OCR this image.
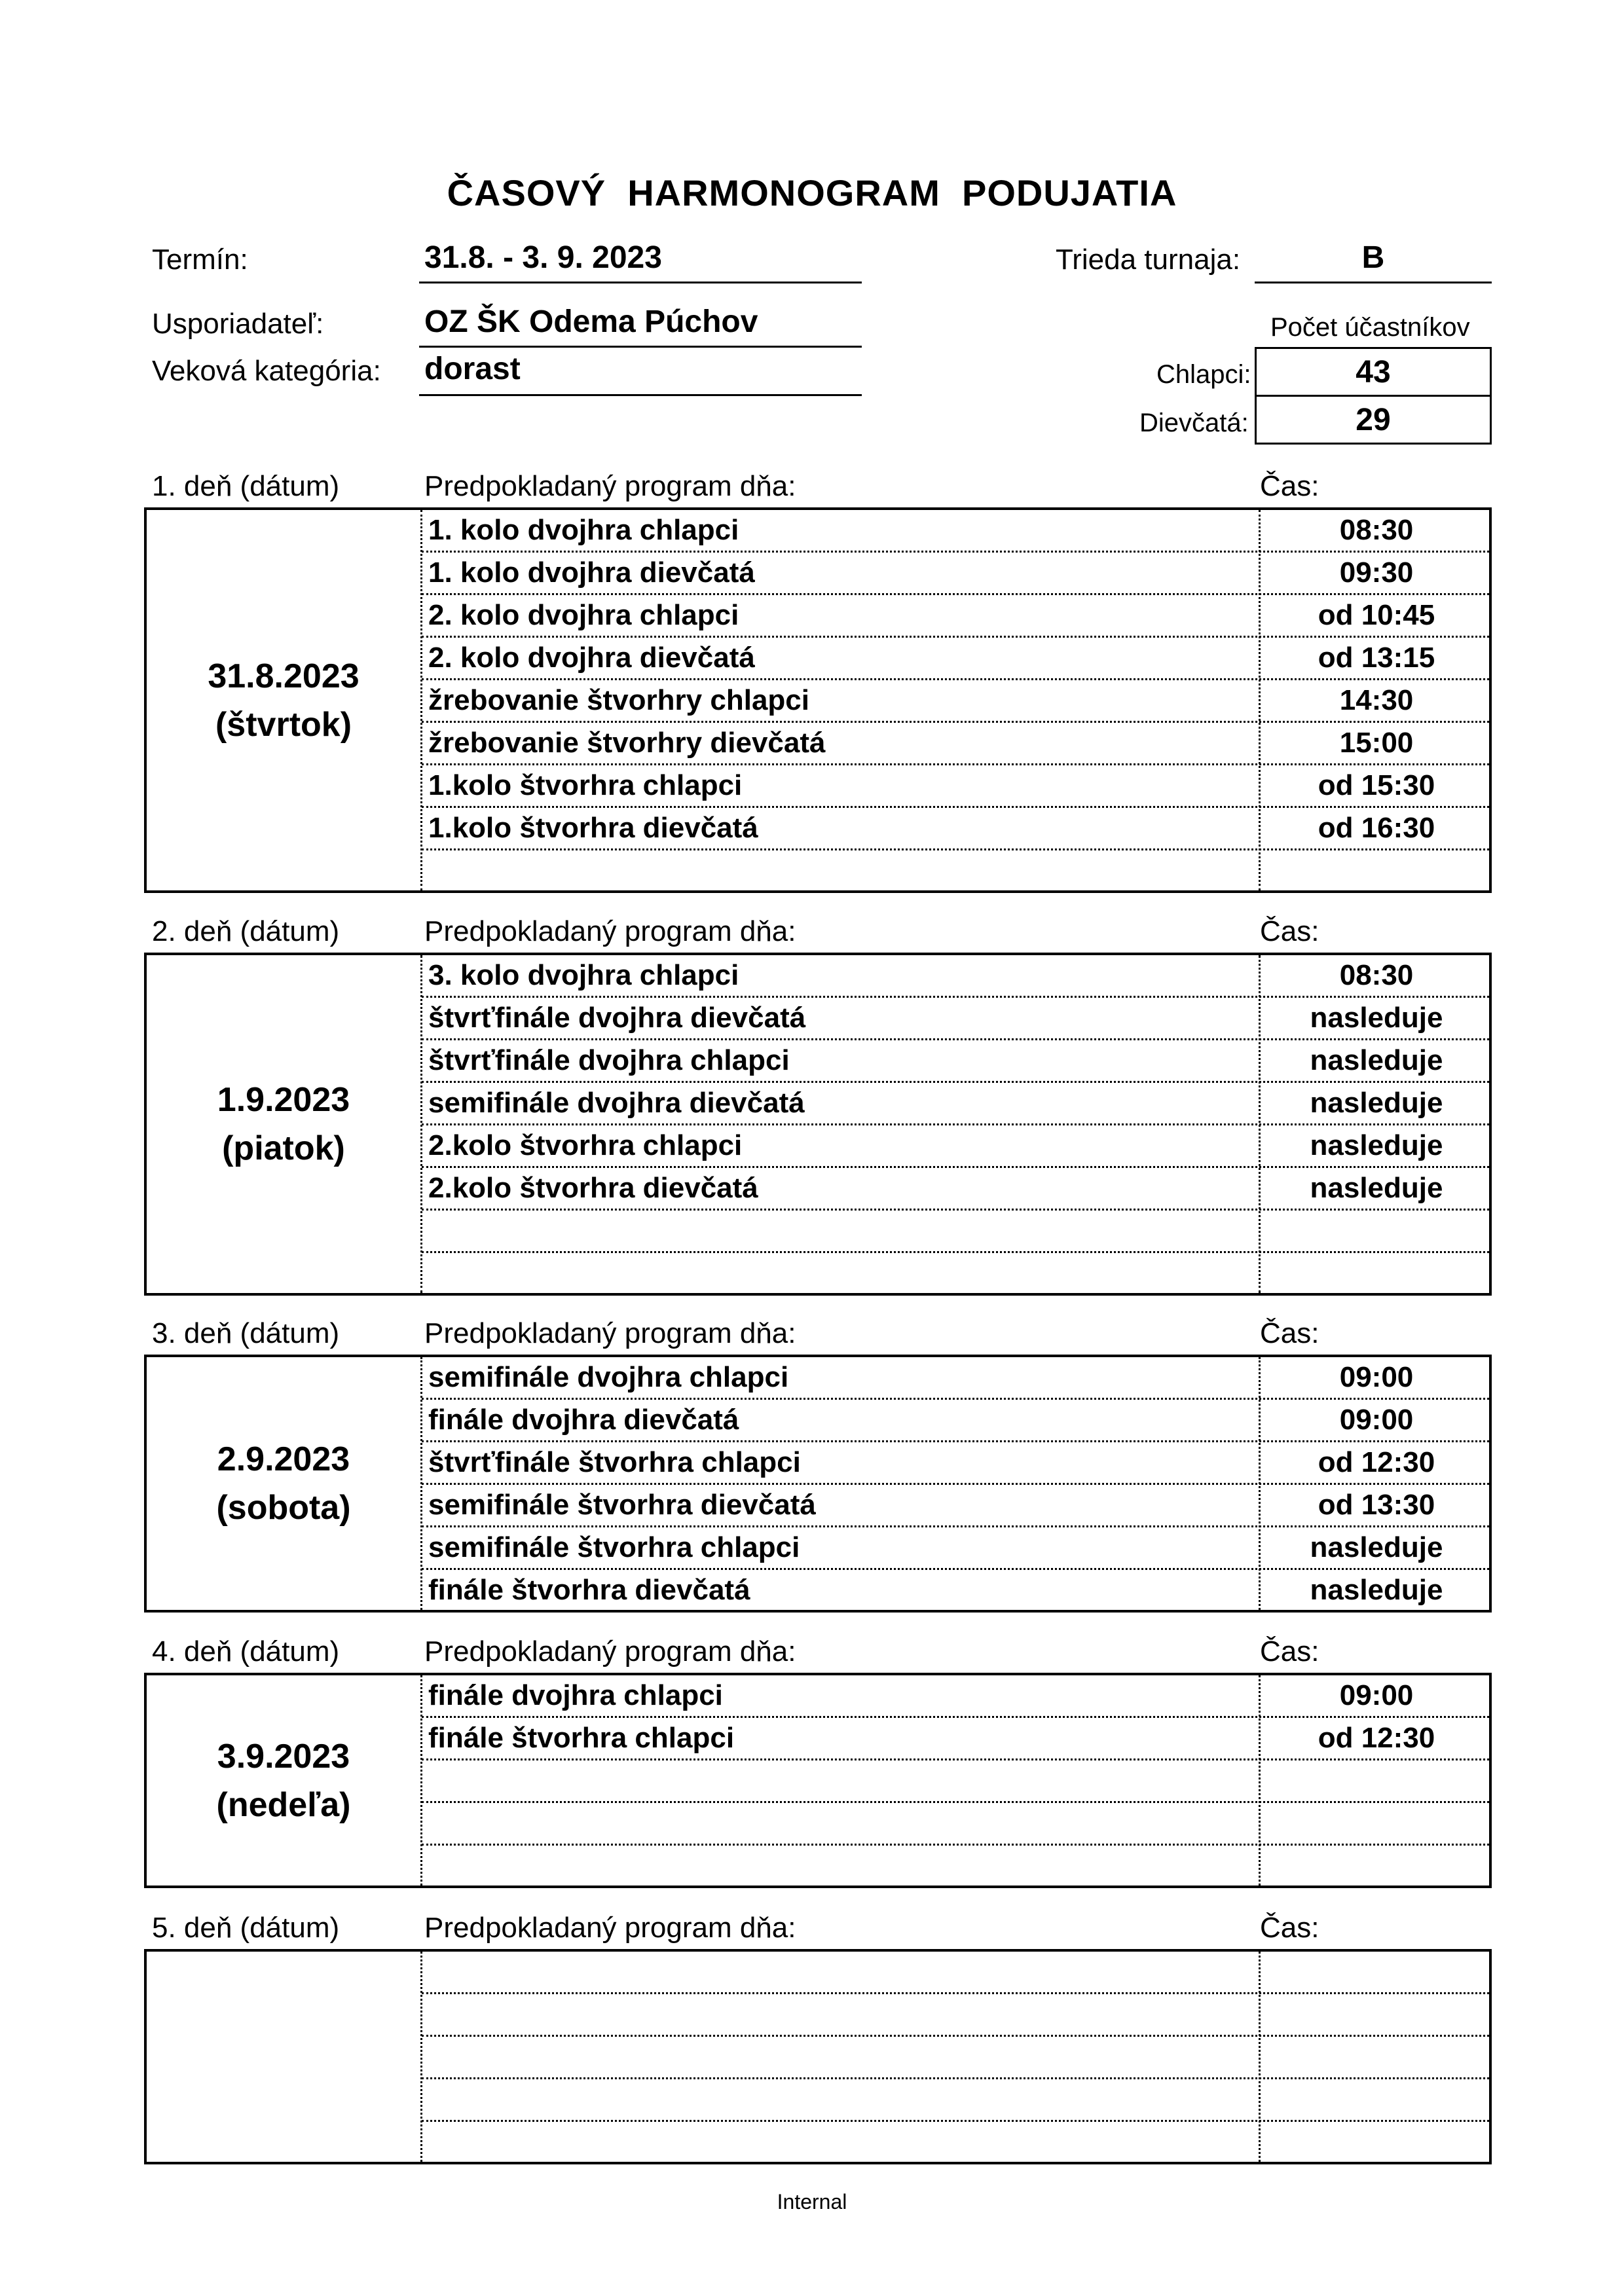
ČASOVÝ  HARMONOGRAM  PODUJATIA
Termín:	31.8. - 3. 9. 2023	Trieda turnaja:	B
Usporiadateľ:	OZ ŠK Odema Púchov	Počet účastníkov
Veková kategória: dorast	Chlapci:	43
Dievčatá:	29
1. deň (dátum)	Predpokladaný program dňa:	Čas:
31.8.2023
(štvrtok)
1. kolo dvojhra chlapci	08:30
1. kolo dvojhra dievčatá	09:30
2. kolo dvojhra chlapci	od 10:45
2. kolo dvojhra dievčatá	od 13:15
žrebovanie štvorhry chlapci	14:30
žrebovanie štvorhry dievčatá	15:00
1.kolo štvorhra chlapci	od 15:30
1.kolo štvorhra dievčatá	od 16:30
2. deň (dátum)	Predpokladaný program dňa:	Čas:
1.9.2023
(piatok)
3. kolo dvojhra chlapci	08:30
štvrťfinále dvojhra dievčatá	nasleduje
štvrťfinále dvojhra chlapci	nasleduje
semifinále dvojhra dievčatá	nasleduje
2.kolo štvorhra chlapci	nasleduje
2.kolo štvorhra dievčatá	nasleduje
3. deň (dátum)	Predpokladaný program dňa:	Čas:
2.9.2023
(sobota)
semifinále dvojhra chlapci	09:00
finále dvojhra dievčatá	09:00
štvrťfinále štvorhra chlapci	od 12:30
semifinále štvorhra dievčatá	od 13:30
semifinále štvorhra chlapci	nasleduje
finále štvorhra dievčatá	nasleduje
4. deň (dátum)	Predpokladaný program dňa:	Čas:
3.9.2023
(nedeľa)
finále dvojhra chlapci	09:00
finále štvorhra chlapci	od 12:30
5. deň (dátum)	Predpokladaný program dňa:	Čas:
Internal
